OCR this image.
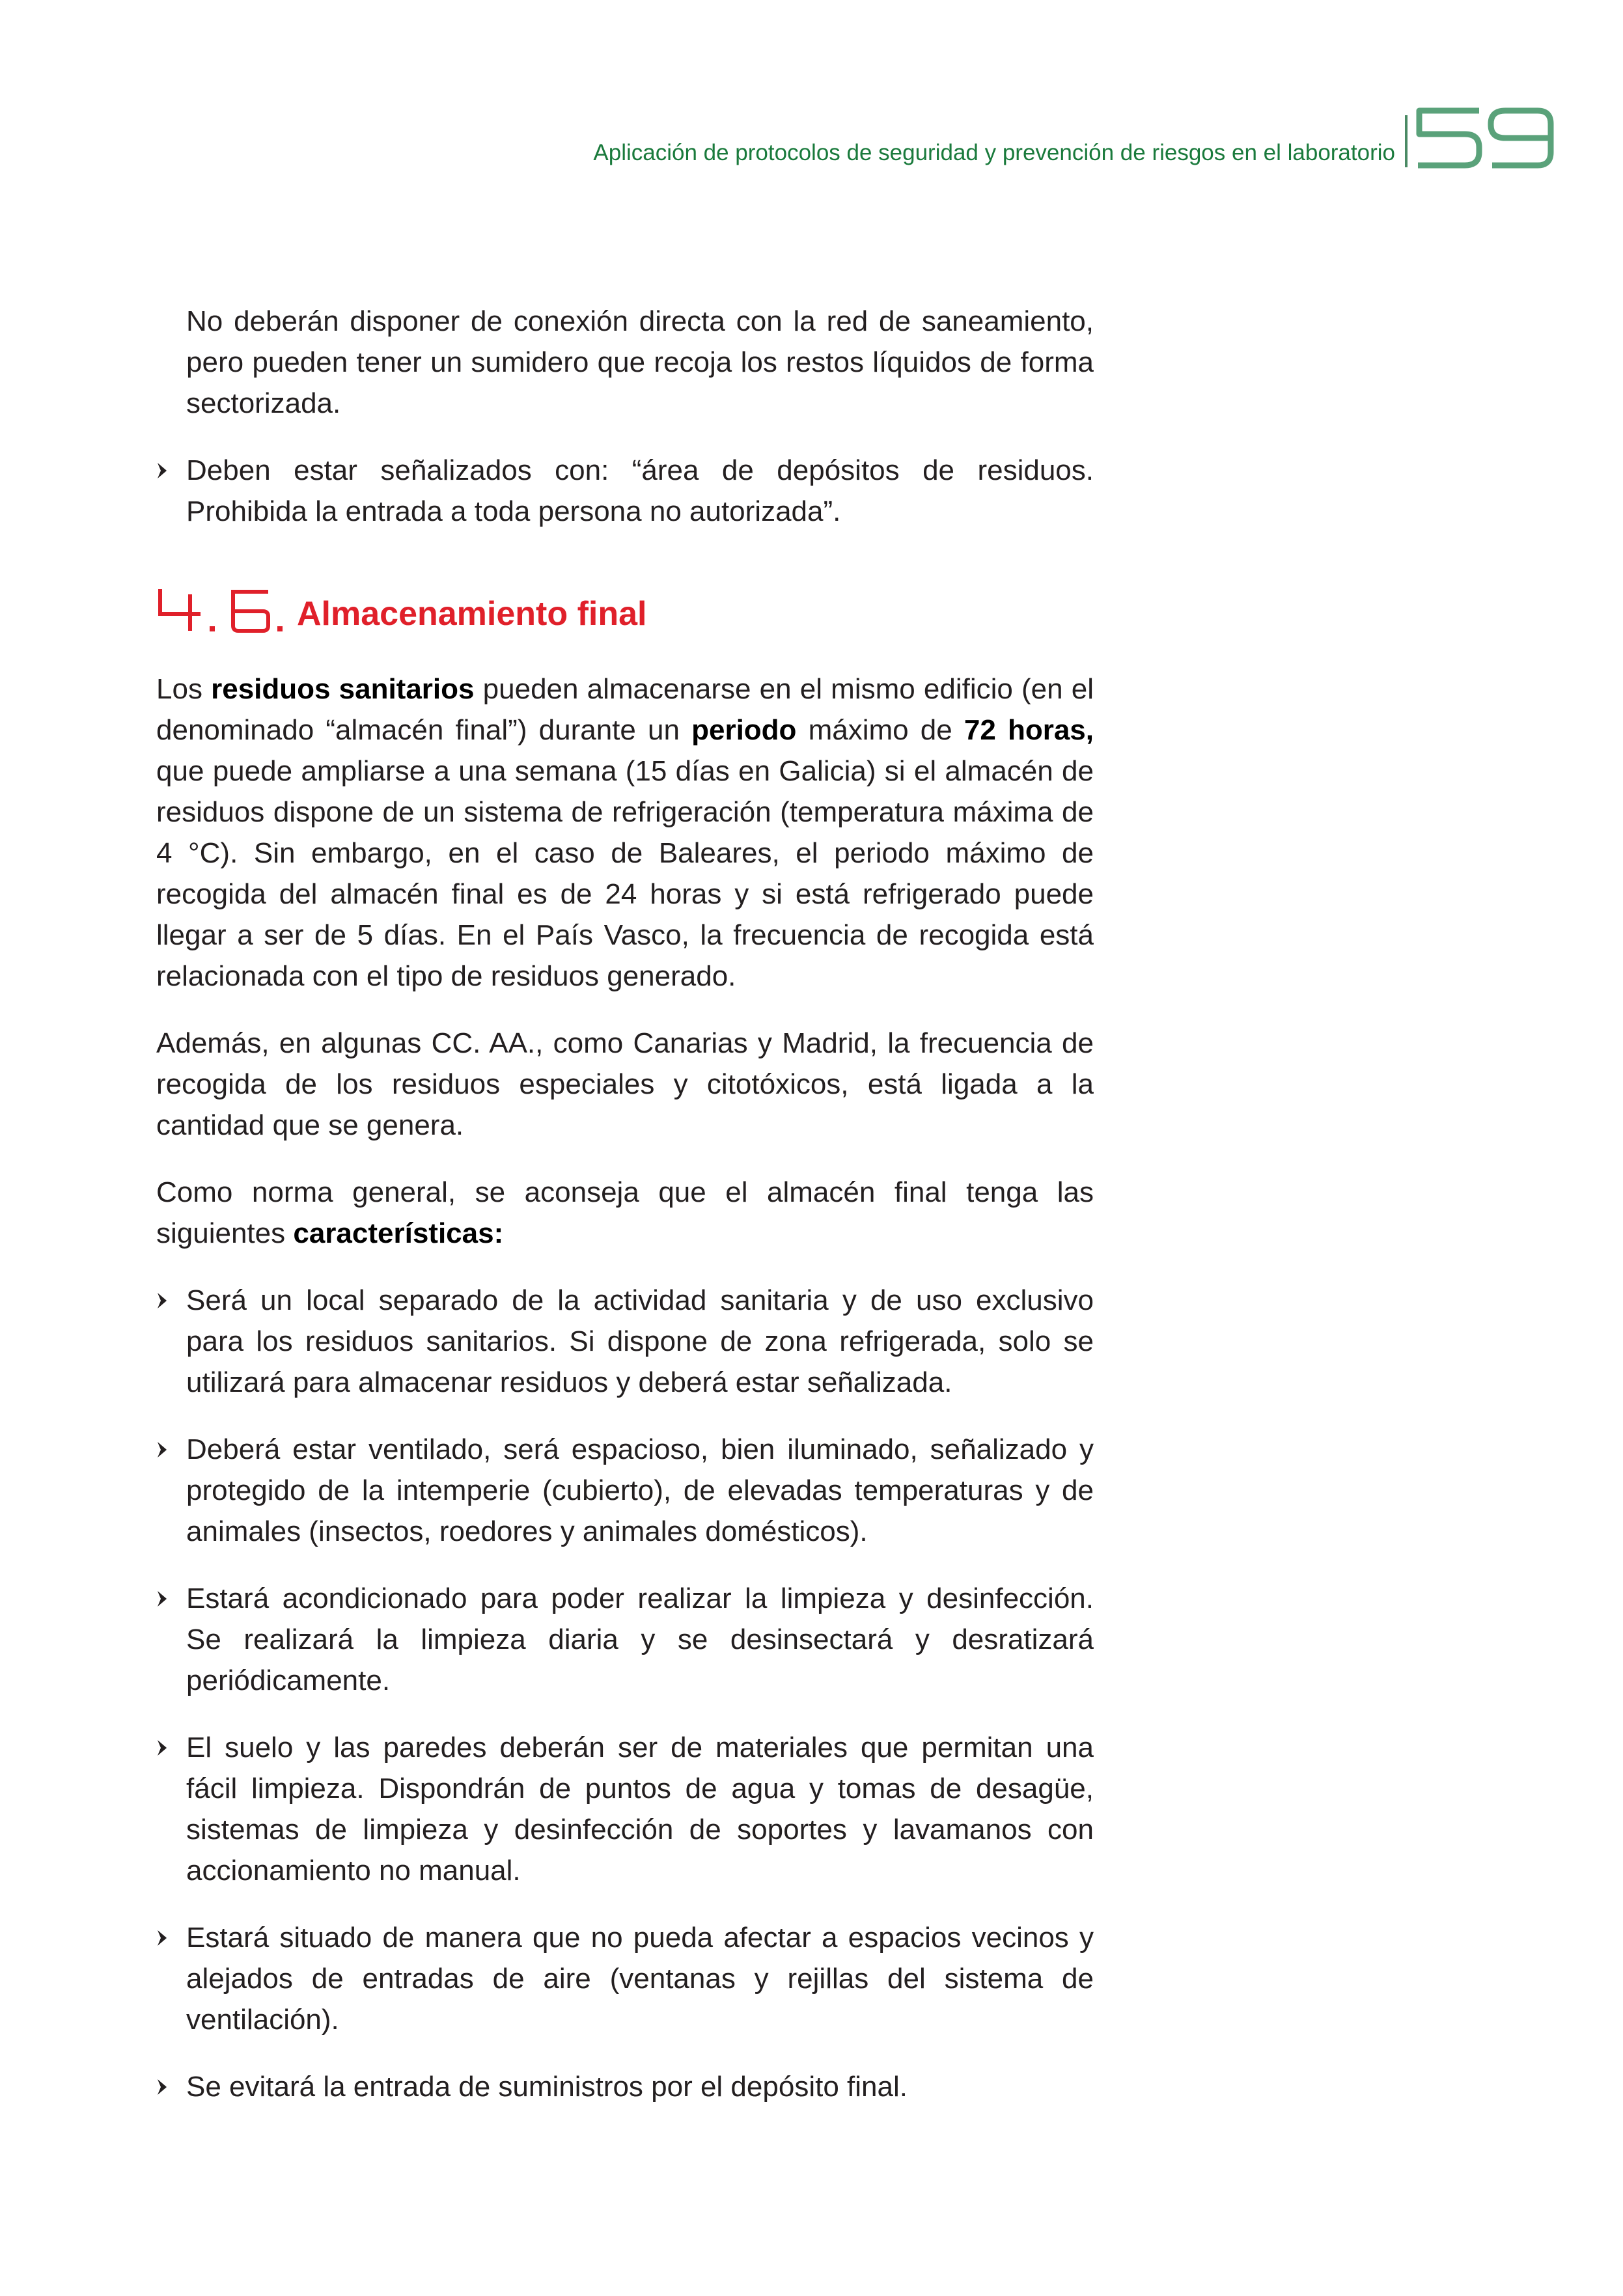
Aplicación de protocolos de seguridad y prevención de riesgos en el laboratorio

No deberán disponer de conexión directa con la red de saneamiento, pero pueden tener un sumidero que recoja los restos líquidos de forma sectorizada.

Deben estar señalizados con: “área de depósitos de residuos. Prohibida la entrada a toda persona no autorizada”.

Almacenamiento final

Los residuos sanitarios pueden almacenarse en el mismo edificio (en el denominado “almacén final”) durante un periodo máximo de 72 horas, que puede ampliarse a una semana (15 días en Galicia) si el almacén de residuos dispone de un sistema de refrigeración (temperatura máxima de 4 °C). Sin embargo, en el caso de Baleares, el periodo máximo de recogida del almacén final es de 24 horas y si está refrigerado puede llegar a ser de 5 días. En el País Vasco, la frecuencia de recogida está relacionada con el tipo de residuos generado.

Además, en algunas CC. AA., como Canarias y Madrid, la frecuencia de recogida de los residuos especiales y citotóxicos, está ligada a la cantidad que se genera.

Como norma general, se aconseja que el almacén final tenga las siguientes características:

Será un local separado de la actividad sanitaria y de uso exclusivo para los residuos sanitarios. Si dispone de zona refrigerada, solo se utilizará para almacenar residuos y deberá estar señalizada.

Deberá estar ventilado, será espacioso, bien iluminado, señalizado y protegido de la intemperie (cubierto), de elevadas temperaturas y de animales (insectos, roedores y animales domésticos).

Estará acondicionado para poder realizar la limpieza y desinfección. Se realizará la limpieza diaria y se desinsectará y desratizará periódicamente.

El suelo y las paredes deberán ser de materiales que permitan una fácil limpieza. Dispondrán de puntos de agua y tomas de desagüe, sistemas de limpieza y desinfección de soportes y lavamanos con accionamiento no manual.

Estará situado de manera que no pueda afectar a espacios vecinos y alejados de entradas de aire (ventanas y rejillas del sistema de ventilación).

Se evitará la entrada de suministros por el depósito final.
